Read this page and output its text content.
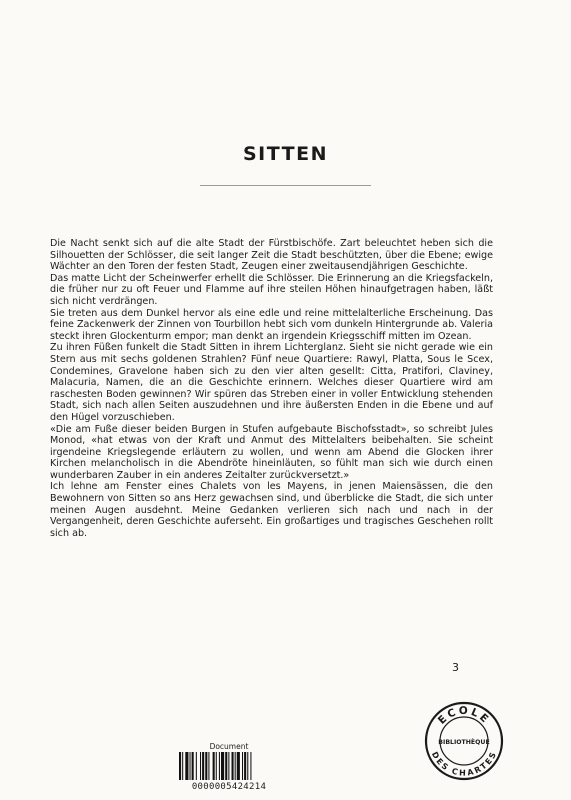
SITTEN

Die Nacht senkt sich auf die alte Stadt der Fürstbischöfe. Zart beleuchtet heben sich die Silhouetten der Schlösser, die seit langer Zeit die Stadt beschützten, über die Ebene; ewige Wächter an den Toren der festen Stadt, Zeugen einer zweitausendjährigen Geschichte.

Das matte Licht der Scheinwerfer erhellt die Schlösser. Die Erinnerung an die Kriegsfackeln, die früher nur zu oft Feuer und Flamme auf ihre steilen Höhen hinaufgetragen haben, läßt sich nicht verdrängen.

Sie treten aus dem Dunkel hervor als eine edle und reine mittelalterliche Erscheinung. Das feine Zackenwerk der Zinnen von Tourbillon hebt sich vom dunkeln Hintergrunde ab. Valeria steckt ihren Glockenturm empor; man denkt an irgendein Kriegsschiff mitten im Ozean.

Zu ihren Füßen funkelt die Stadt Sitten in ihrem Lichterglanz. Sieht sie nicht gerade wie ein Stern aus mit sechs goldenen Strahlen? Fünf neue Quartiere: Rawyl, Platta, Sous le Scex, Condemines, Gravelone haben sich zu den vier alten gesellt: Citta, Pratifori, Claviney, Malacuria, Namen, die an die Geschichte erinnern. Welches dieser Quartiere wird am raschesten Boden gewinnen? Wir spüren das Streben einer in voller Entwicklung stehenden Stadt, sich nach allen Seiten auszudehnen und ihre äußersten Enden in die Ebene und auf den Hügel vorzuschieben.

«Die am Fuße dieser beiden Burgen in Stufen aufgebaute Bischofsstadt», so schreibt Jules Monod, «hat etwas von der Kraft und Anmut des Mittelalters beibehalten. Sie scheint irgendeine Kriegslegende erläutern zu wollen, und wenn am Abend die Glocken ihrer Kirchen melancholisch in die Abendröte hineinläuten, so fühlt man sich wie durch einen wunderbaren Zauber in ein anderes Zeitalter zurückversetzt.»

Ich lehne am Fenster eines Chalets von les Mayens, in jenen Maiensässen, die den Bewohnern von Sitten so ans Herz gewachsen sind, und überblicke die Stadt, die sich unter meinen Augen ausdehnt. Meine Gedanken verlieren sich nach und nach in der Vergangenheit, deren Geschichte auferseht. Ein großartiges und tragisches Geschehen rollt sich ab.

3
ECOLE
BIBLIOTHÈQUE
DES CHARTES
Document
0000005424214
